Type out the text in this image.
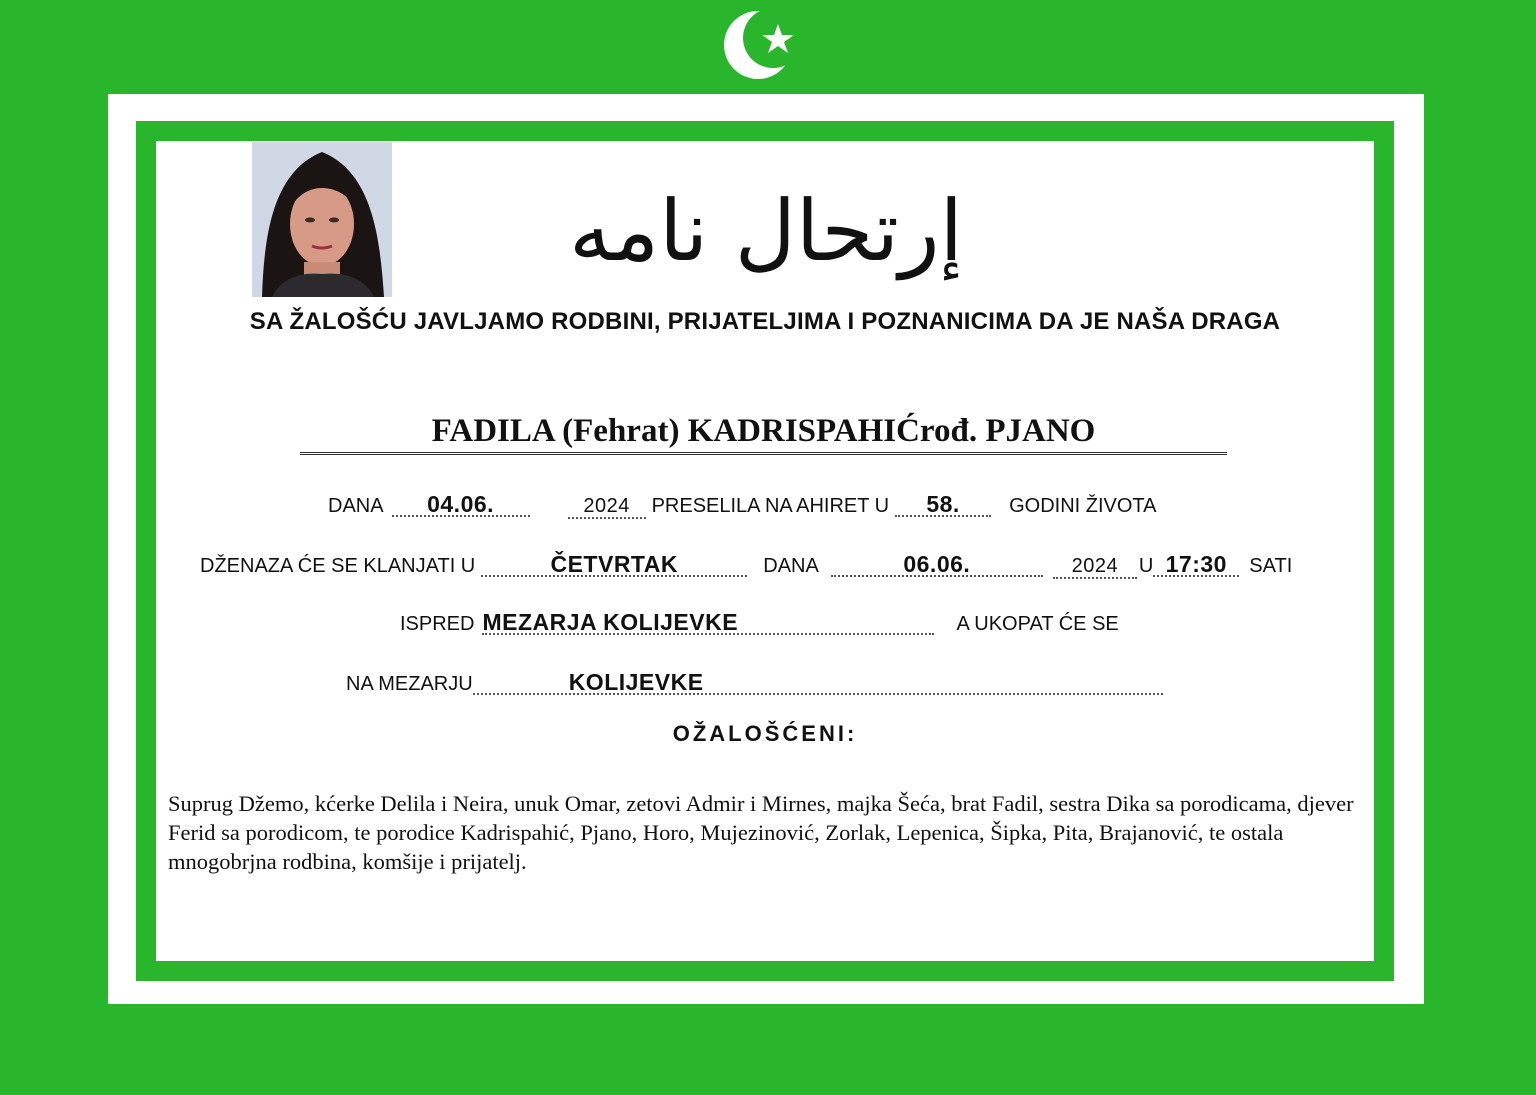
إرتحال نامه
SA ŽALOŠĆU JAVLJAMO RODBINI, PRIJATELJIMA I POZNANICIMA DA JE NAŠA DRAGA
FADILA (Fehrat) KADRISPAHIĆrođ. PJANO
DANA	04.06.	2024	PRESELILA NA AHIRET U	58.	GODINI ŽIVOTA
DŽENAZA ĆE SE KLANJATI U	ČETVRTAK	DANA	06.06.	2024	U 17:30	SATI
ISPRED MEZARJA KOLIJEVKE	A UKOPAT ĆE SE
NA MEZARJU	KOLIJEVKE
OŽALOŠĆENI:
Suprug Džemo, kćerke Delila i Neira, unuk Omar, zetovi Admir i Mirnes, majka Šeća, brat Fadil, sestra Dika sa porodicama, djever Ferid sa porodicom, te porodice Kadrispahić, Pjano, Horo, Mujezinović, Zorlak, Lepenica, Šipka, Pita, Brajanović, te ostala mnogobrjna rodbina, komšije i prijatelj.
